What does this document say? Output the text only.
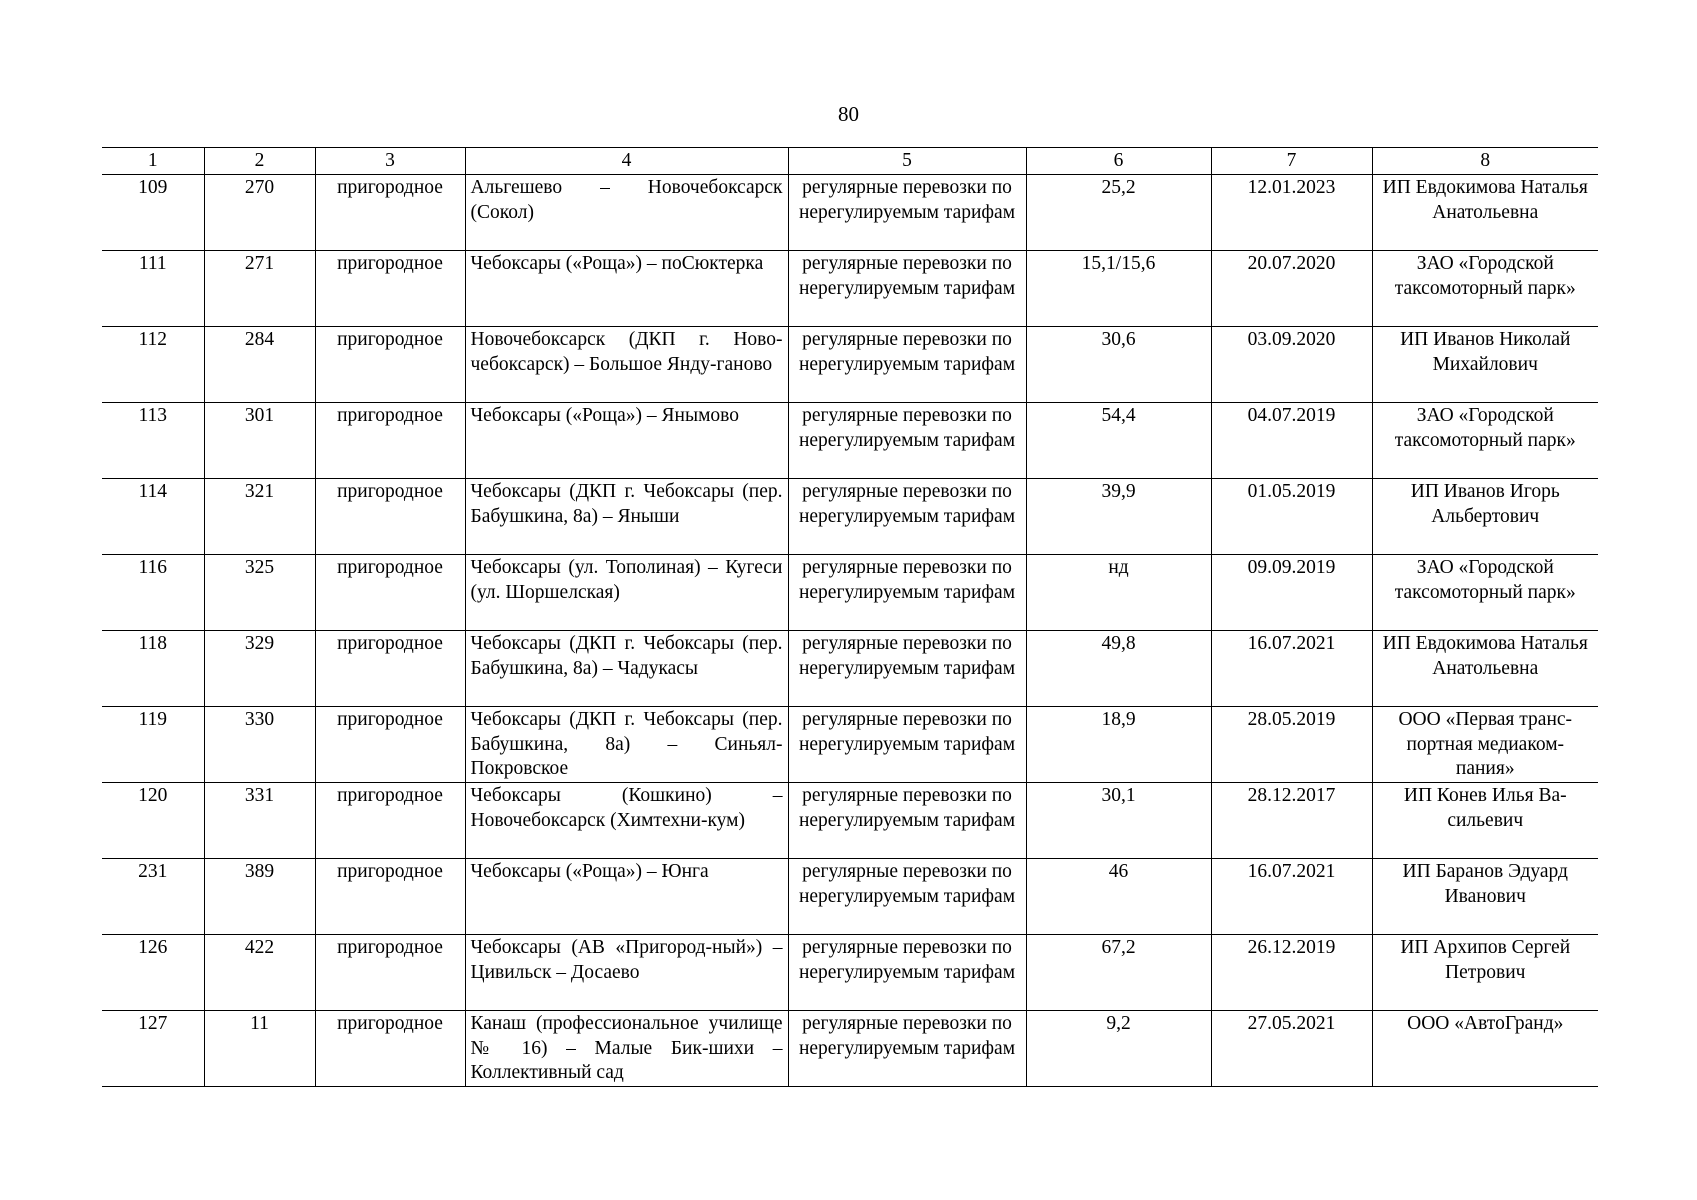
80
1	2	3	4	5	6	7	8
109	270	пригородное	Альгешево – Новочебоксарск (Сокол)	регулярные перевозки по нерегулируемым тарифам	25,2	12.01.2023	ИП Евдокимова Наталья Анатольевна
111	271	пригородное	Чебоксары («Роща») – поСюктерка	регулярные перевозки по нерегулируемым тарифам	15,1/15,6	20.07.2020	ЗАО «Городской таксомоторный парк»
112	284	пригородное	Новочебоксарск (ДКП г. Ново-чебоксарск) – Большое Янду-ганово	регулярные перевозки по нерегулируемым тарифам	30,6	03.09.2020	ИП Иванов Николай Михайлович
113	301	пригородное	Чебоксары («Роща») – Янымово	регулярные перевозки по нерегулируемым тарифам	54,4	04.07.2019	ЗАО «Городской таксомоторный парк»
114	321	пригородное	Чебоксары (ДКП г. Чебоксары (пер. Бабушкина, 8а) – Яныши	регулярные перевозки по нерегулируемым тарифам	39,9	01.05.2019	ИП Иванов Игорь Альбертович
116	325	пригородное	Чебоксары (ул. Тополиная) – Кугеси (ул. Шоршелская)	регулярные перевозки по нерегулируемым тарифам	нд	09.09.2019	ЗАО «Городской таксомоторный парк»
118	329	пригородное	Чебоксары (ДКП г. Чебоксары (пер. Бабушкина, 8а) – Чадукасы	регулярные перевозки по нерегулируемым тарифам	49,8	16.07.2021	ИП Евдокимова Наталья Анатольевна
119	330	пригородное	Чебоксары (ДКП г. Чебоксары (пер. Бабушкина, 8а) – Синьял-Покровское	регулярные перевозки по нерегулируемым тарифам	18,9	28.05.2019	ООО «Первая транс-портная медиаком-пания»
120	331	пригородное	Чебоксары (Кошкино) – Новочебоксарск (Химтехни-кум)	регулярные перевозки по нерегулируемым тарифам	30,1	28.12.2017	ИП Конев Илья Ва-сильевич
231	389	пригородное	Чебоксары («Роща») – Юнга	регулярные перевозки по нерегулируемым тарифам	46	16.07.2021	ИП Баранов Эдуард Иванович
126	422	пригородное	Чебоксары (АВ «Пригород-ный») – Цивильск – Досаево	регулярные перевозки по нерегулируемым тарифам	67,2	26.12.2019	ИП Архипов Сергей Петрович
127	11	пригородное	Канаш (профессиональное училище № 16) – Малые Бик-шихи – Коллективный сад	регулярные перевозки по нерегулируемым тарифам	9,2	27.05.2021	ООО «АвтоГранд»
